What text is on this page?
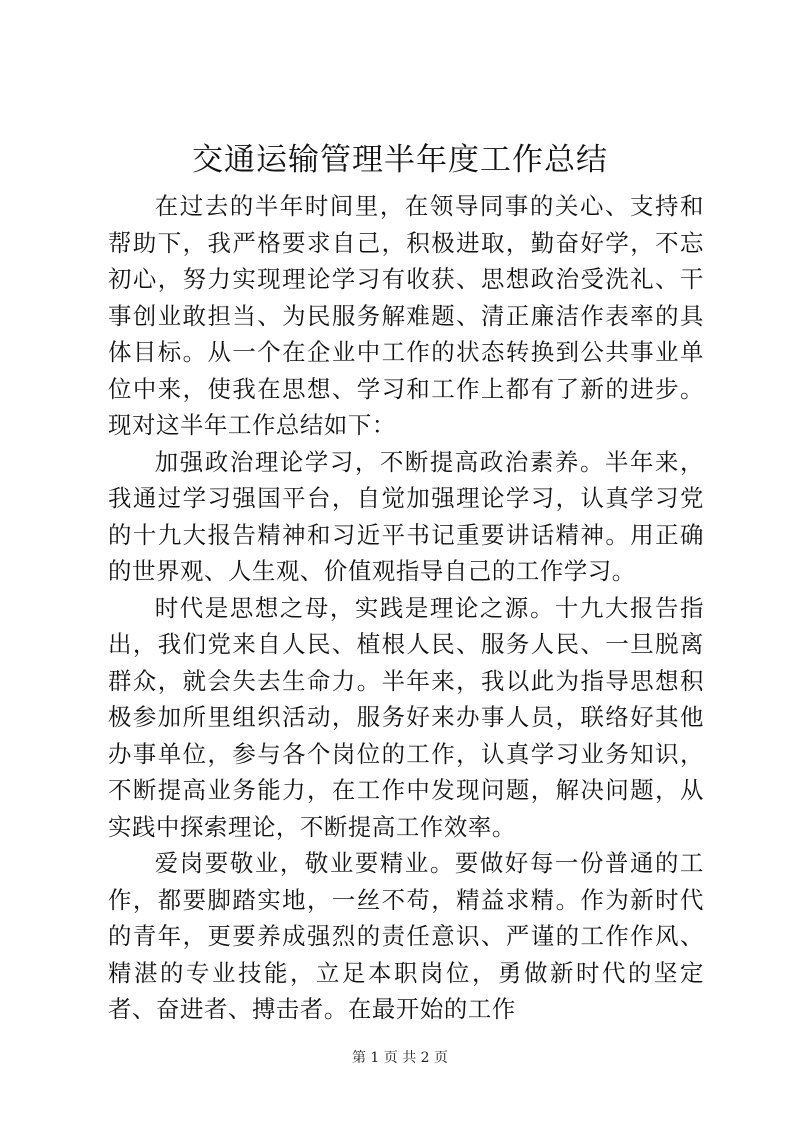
交通运输管理半年度工作总结

在过去的半年时间里，在领导同事的关心、支持和帮助下，我严格要求自己，积极进取，勤奋好学，不忘初心，努力实现理论学习有收获、思想政治受洗礼、干事创业敢担当、为民服务解难题、清正廉洁作表率的具体目标。从一个在企业中工作的状态转换到公共事业单位中来，使我在思想、学习和工作上都有了新的进步。现对这半年工作总结如下：

加强政治理论学习，不断提高政治素养。半年来，我通过学习强国平台，自觉加强理论学习，认真学习党的十九大报告精神和习近平书记重要讲话精神。用正确的世界观、人生观、价值观指导自己的工作学习。

时代是思想之母，实践是理论之源。十九大报告指出，我们党来自人民、植根人民、服务人民、一旦脱离群众，就会失去生命力。半年来，我以此为指导思想积极参加所里组织活动，服务好来办事人员，联络好其他办事单位，参与各个岗位的工作，认真学习业务知识，不断提高业务能力，在工作中发现问题，解决问题，从实践中探索理论，不断提高工作效率。

爱岗要敬业，敬业要精业。要做好每一份普通的工作，都要脚踏实地，一丝不苟，精益求精。作为新时代的青年，更要养成强烈的责任意识、严谨的工作作风、精湛的专业技能，立足本职岗位，勇做新时代的坚定者、奋进者、搏击者。在最开始的工作

第 1 页 共 2 页
